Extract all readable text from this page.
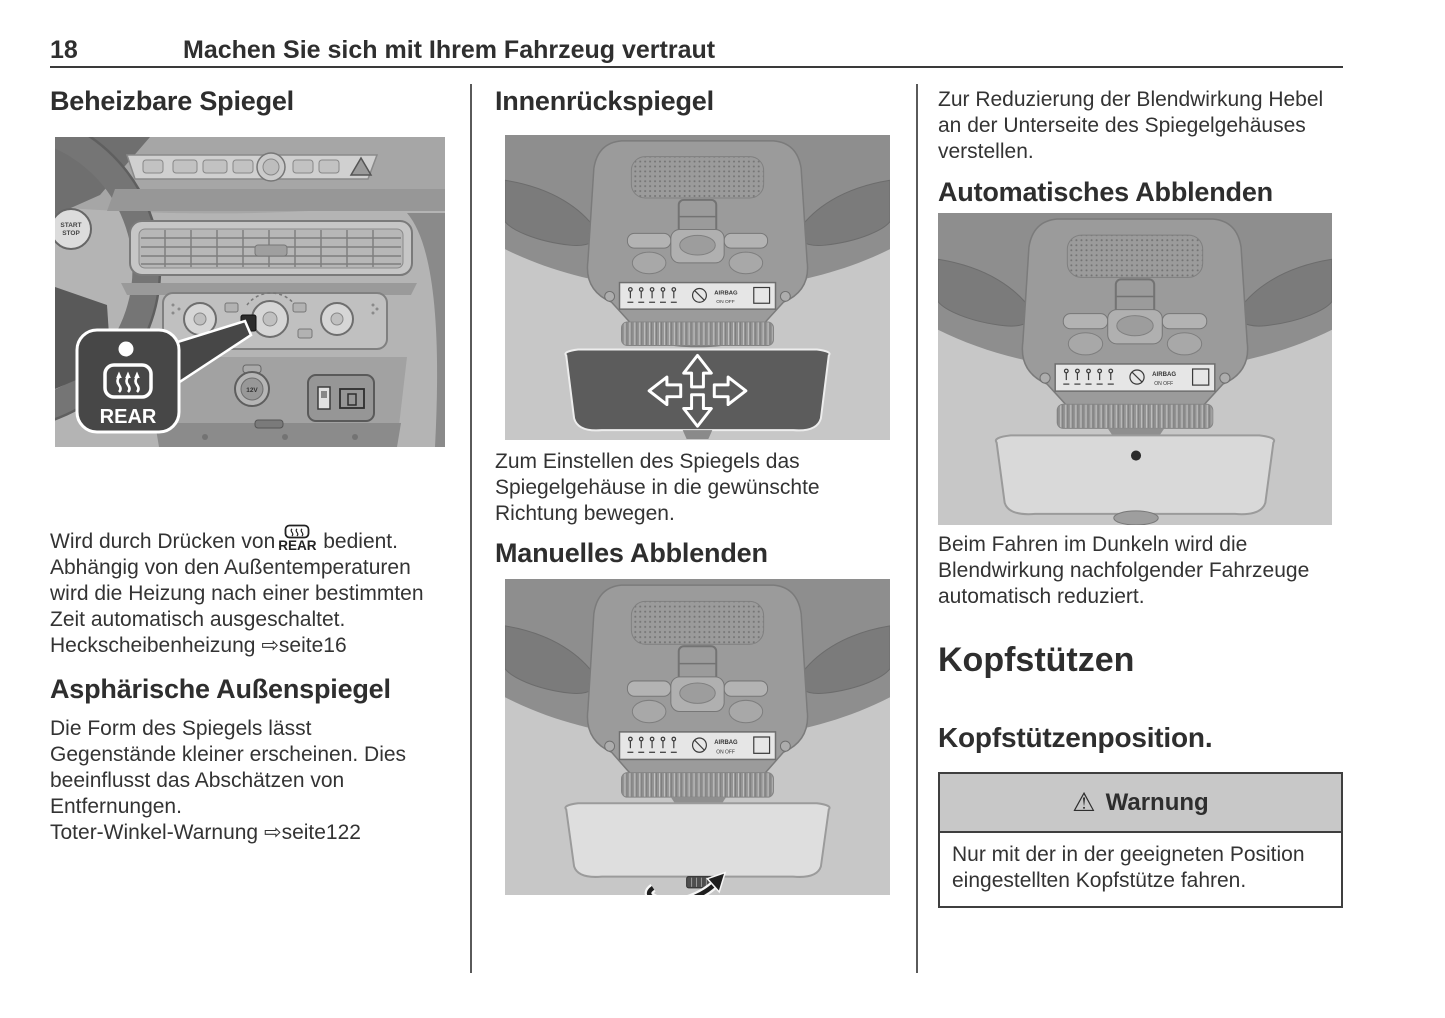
18	Machen Sie sich mit Ihrem Fahrzeug vertraut
Beheizbare Spiegel
START
STOP
12V
REAR
Wird durch Drücken von REAR bedient.
Abhängig von den Außentemperaturen
wird die Heizung nach einer bestimmten
Zeit automatisch ausgeschaltet.
Heckscheibenheizung ⇨seite16
Asphärische Außenspiegel
Die Form des Spiegels lässt
Gegenstände kleiner erscheinen. Dies
beeinflusst das Abschätzen von
Entfernungen.
Toter-Winkel-Warnung ⇨seite122
Innenrückspiegel
AIRBAG
ON OFF
Zum Einstellen des Spiegels das
Spiegelgehäuse in die gewünschte
Richtung bewegen.
Manuelles Abblenden
AIRBAG
ON OFF
Zur Reduzierung der Blendwirkung Hebel
an der Unterseite des Spiegelgehäuses
verstellen.
Automatisches Abblenden
AIRBAG
ON OFF
Beim Fahren im Dunkeln wird die
Blendwirkung nachfolgender Fahrzeuge
automatisch reduziert.
Kopfstützen
Kopfstützenposition.
⚠ Warnung
Nur mit der in der geeigneten Position
eingestellten Kopfstütze fahren.
